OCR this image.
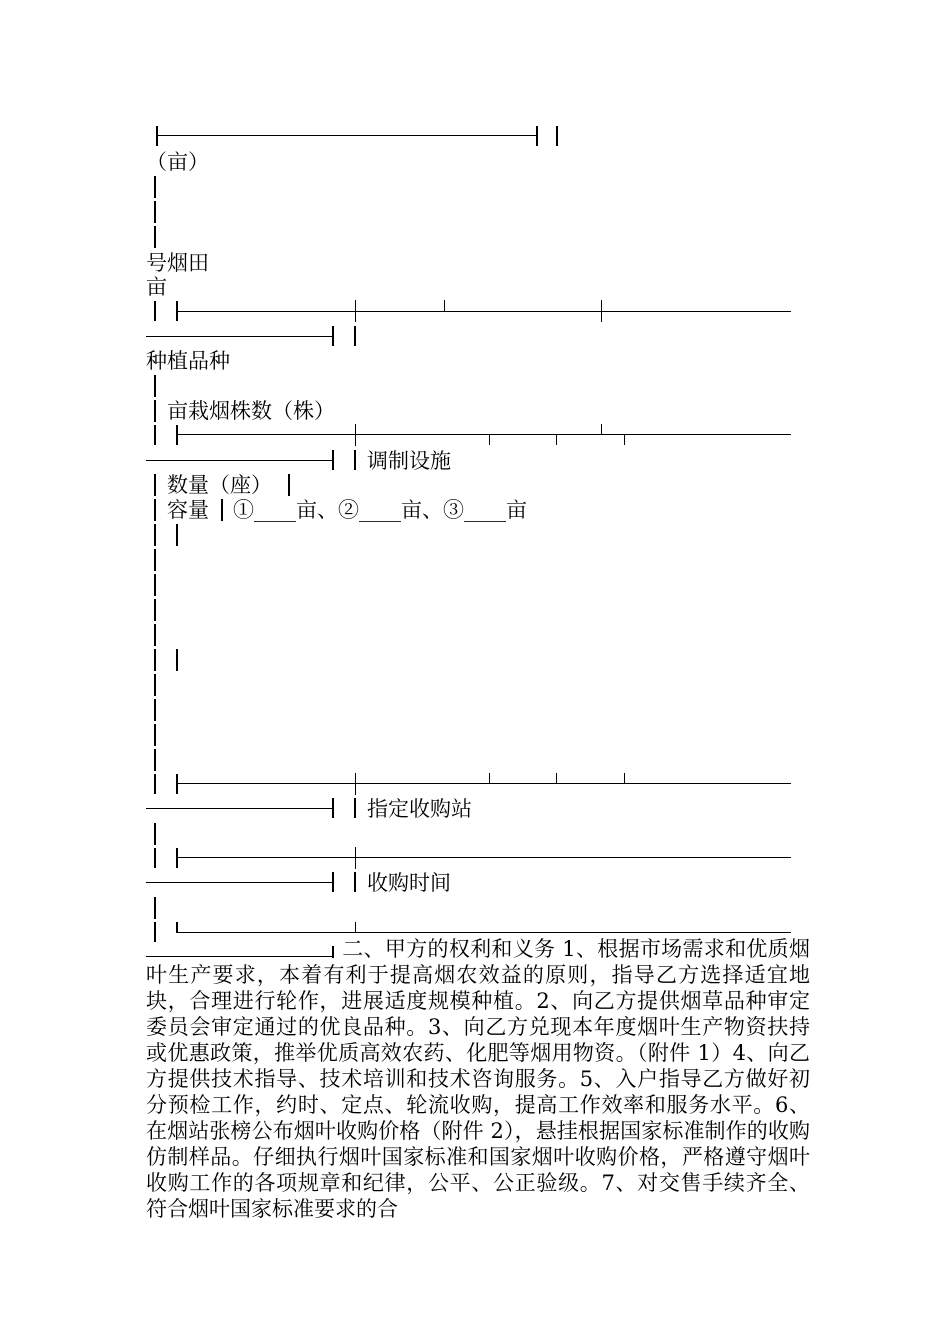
（亩）
号烟田
亩
种植品种
亩栽烟株数（株）
调制设施
数量（座）
容量 ①____亩、②____亩、③____亩
指定收购站
收购时间
二、甲方的权利和义务 1、根据市场需求和优质烟叶生产要求，本着有利于提高烟农效益的原则，指导乙方选择适宜地块，合理进行轮作，进展适度规模种植。2、向乙方提供烟草品种审定委员会审定通过的优良品种。3、向乙方兑现本年度烟叶生产物资扶持或优惠政策，推举优质高效农药、化肥等烟用物资。（附件 1）4、向乙方提供技术指导、技术培训和技术咨询服务。5、入户指导乙方做好初分预检工作，约时、定点、轮流收购，提高工作效率和服务水平。6、在烟站张榜公布烟叶收购价格（附件 2），悬挂根据国家标准制作的收购仿制样品。仔细执行烟叶国家标准和国家烟叶收购价格，严格遵守烟叶收购工作的各项规章和纪律，公平、公正验级。7、对交售手续齐全、符合烟叶国家标准要求的合
